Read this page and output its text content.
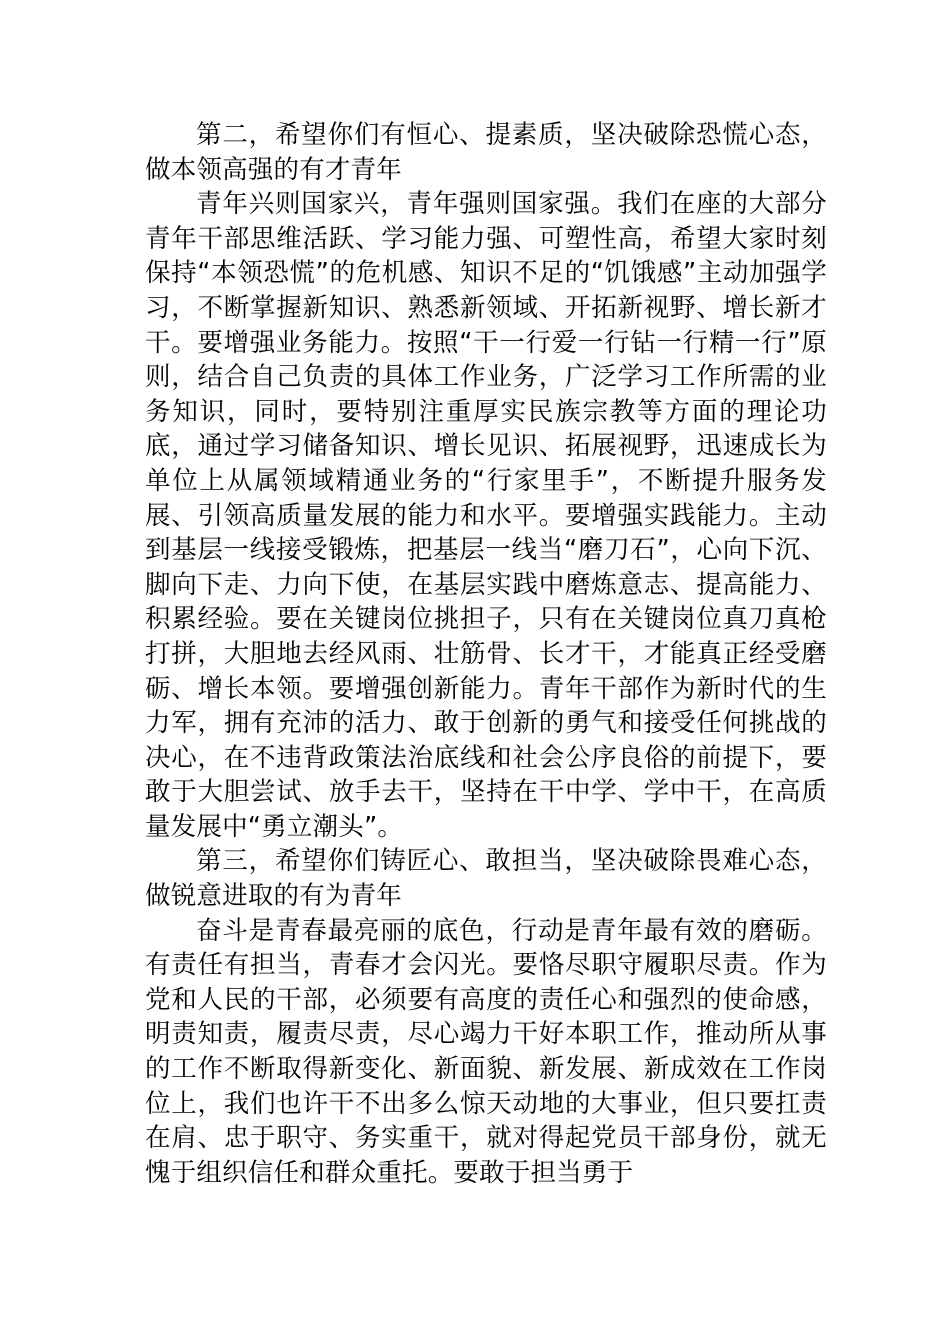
第二，希望你们有恒心、提素质，坚决破除恐慌心态，做本领高强的有才青年

青年兴则国家兴，青年强则国家强。我们在座的大部分青年干部思维活跃、学习能力强、可塑性高，希望大家时刻保持“本领恐慌”的危机感、知识不足的“饥饿感”主动加强学习，不断掌握新知识、熟悉新领域、开拓新视野、增长新才干。要增强业务能力。按照“干一行爱一行钻一行精一行”原则，结合自己负责的具体工作业务，广泛学习工作所需的业务知识，同时，要特别注重厚实民族宗教等方面的理论功底，通过学习储备知识、增长见识、拓展视野，迅速成长为单位上从属领域精通业务的“行家里手”，不断提升服务发展、引领高质量发展的能力和水平。要增强实践能力。主动到基层一线接受锻炼，把基层一线当“磨刀石”，心向下沉、脚向下走、力向下使，在基层实践中磨炼意志、提高能力、积累经验。要在关键岗位挑担子，只有在关键岗位真刀真枪打拼，大胆地去经风雨、壮筋骨、长才干，才能真正经受磨砺、增长本领。要增强创新能力。青年干部作为新时代的生力军，拥有充沛的活力、敢于创新的勇气和接受任何挑战的决心，在不违背政策法治底线和社会公序良俗的前提下，要敢于大胆尝试、放手去干，坚持在干中学、学中干，在高质量发展中“勇立潮头”。

第三，希望你们铸匠心、敢担当，坚决破除畏难心态，做锐意进取的有为青年

奋斗是青春最亮丽的底色，行动是青年最有效的磨砺。有责任有担当，青春才会闪光。要恪尽职守履职尽责。作为党和人民的干部，必须要有高度的责任心和强烈的使命感，明责知责，履责尽责，尽心竭力干好本职工作，推动所从事的工作不断取得新变化、新面貌、新发展、新成效在工作岗位上，我们也许干不出多么惊天动地的大事业，但只要扛责在肩、忠于职守、务实重干，就对得起党员干部身份，就无愧于组织信任和群众重托。要敢于担当勇于
